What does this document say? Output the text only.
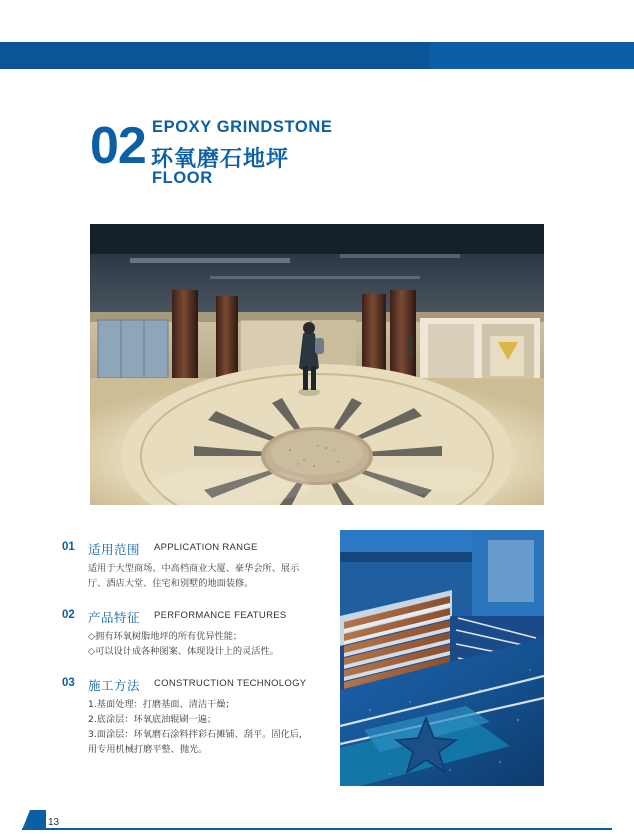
02 EPOXY GRINDSTONE
环氧磨石地坪
FLOOR
01 适用范围 APPLICATION RANGE
适用于大型商场、中高档商业大厦、豪华会所、展示
厅、酒店大堂、住宅和别墅的地面装修。
02 产品特征 PERFORMANCE FEATURES
◇拥有环氧树脂地坪的所有优异性能；
◇可以设计成各种图案、体现设计上的灵活性。
03 施工方法 CONSTRUCTION TECHNOLOGY
1.基面处理：打磨基面、清洁干燥；
2.底涂层：环氧底油辊刷一遍；
3.面涂层：环氧磨石涂料拌彩石摊铺、刮平。固化后，
用专用机械打磨平整、抛光。
13
